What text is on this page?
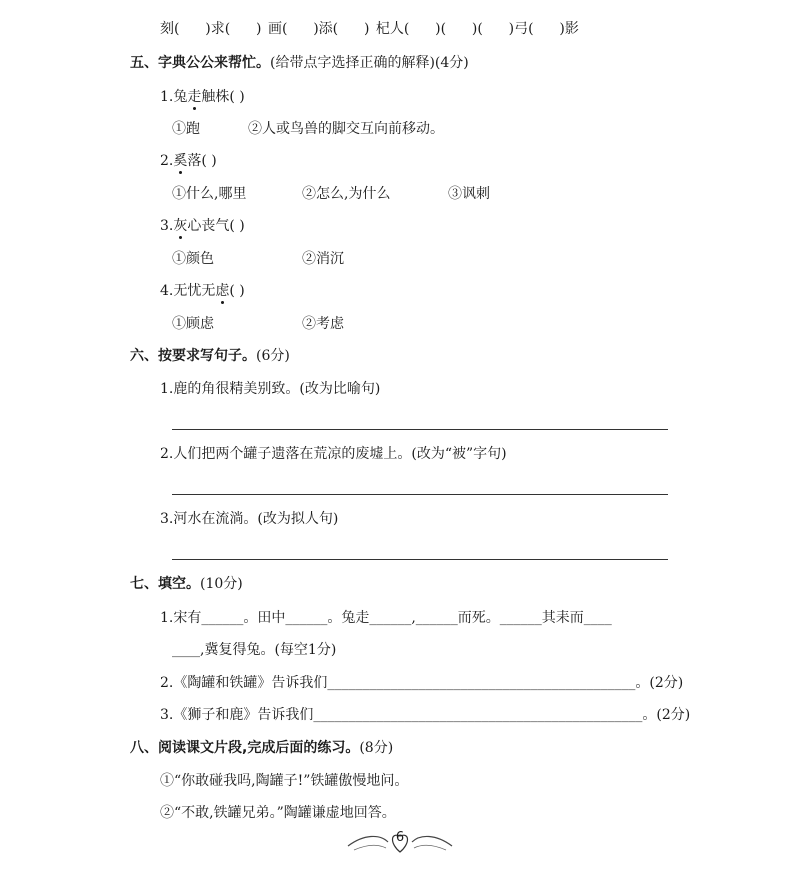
刻( )求( ) 画( )添( ) 杞人( )( )( )弓( )影
五、字典公公来帮忙。(给带点字选择正确的解释)(4分)
1.兔走触株( )
①跑	②人或鸟兽的脚交互向前移动。
2.奚落( )
①什么,哪里	②怎么,为什么	③讽刺
3.灰心丧气( )
①颜色	②消沉
4.无忧无虑( )
①顾虑	②考虑
六、按要求写句子。(6分)
1.鹿的角很精美别致。(改为比喻句)
2.人们把两个罐子遗落在荒凉的废墟上。(改为“被”字句)
3.河水在流淌。(改为拟人句)
七、填空。(10分)
1.宋有______。田中______。兔走______,______而死。______其耒而____
____,冀复得兔。(每空1分)
2.《陶罐和铁罐》告诉我们____________________________________________。(2分)
3.《狮子和鹿》告诉我们_______________________________________________。(2分)
八、阅读课文片段,完成后面的练习。(8分)
①“你敢碰我吗,陶罐子!”铁罐傲慢地问。
②“不敢,铁罐兄弟。”陶罐谦虚地回答。
6
